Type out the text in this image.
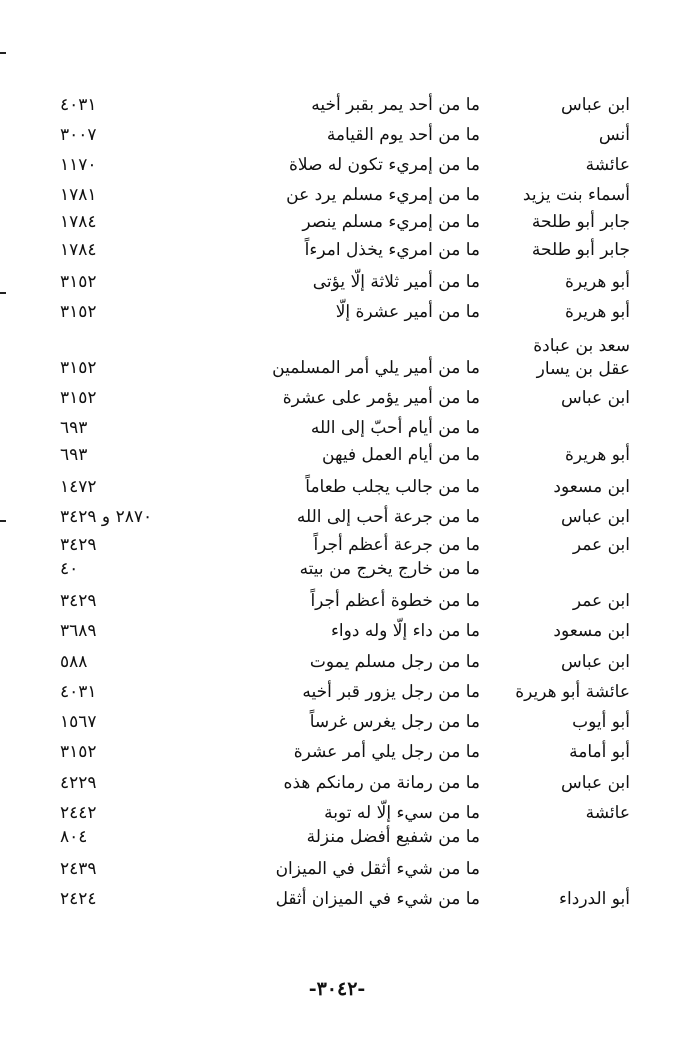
ابن عباس
ما من أحد يمر بقبر أخيه
٤٠٣١
أنس
ما من أحد يوم القيامة
٣٠٠٧
عائشة
ما من إمريء تكون له صلاة
١١٧٠
أسماء بنت يزيد
ما من إمريء مسلم يرد عن
١٧٨١
جابر أبو طلحة
ما من إمريء مسلم ينصر
١٧٨٤
جابر أبو طلحة
ما من امريء يخذل امرءاً
١٧٨٤
أبو هريرة
ما من أمير ثلاثة إلّا يؤتى
٣١٥٢
أبو هريرة
ما من أمير عشرة إلّا
٣١٥٢
سعد بن عبادة
عقل بن يسار
ما من أمير يلي أمر المسلمين
٣١٥٢
ابن عباس
ما من أمير يؤمر على عشرة
٣١٥٢
ما من أيام أحبّ إلى الله
٦٩٣
أبو هريرة
ما من أيام العمل فيهن
٦٩٣
ابن مسعود
ما من جالب يجلب طعاماً
١٤٧٢
ابن عباس
ما من جرعة أحب إلى الله
٢٨٧٠ و ٣٤٢٩
ابن عمر
ما من جرعة أعظم أجراً
٣٤٢٩
ما من خارج يخرج من بيته
٤٠
ابن عمر
ما من خطوة أعظم أجراً
٣٤٢٩
ابن مسعود
ما من داء إلّا وله دواء
٣٦٨٩
ابن عباس
ما من رجل مسلم يموت
٥٨٨
عائشة أبو هريرة
ما من رجل يزور قبر أخيه
٤٠٣١
أبو أيوب
ما من رجل يغرس غرساً
١٥٦٧
أبو أمامة
ما من رجل يلي أمر عشرة
٣١٥٢
ابن عباس
ما من رمانة من رمانكم هذه
٤٢٢٩
عائشة
ما من سيء إلّا له توبة
٢٤٤٢
ما من شفيع أفضل منزلة
٨٠٤
ما من شيء أثقل في الميزان
٢٤٣٩
أبو الدرداء
ما من شيء في الميزان أثقل
٢٤٢٤
-٣٠٤٢-
